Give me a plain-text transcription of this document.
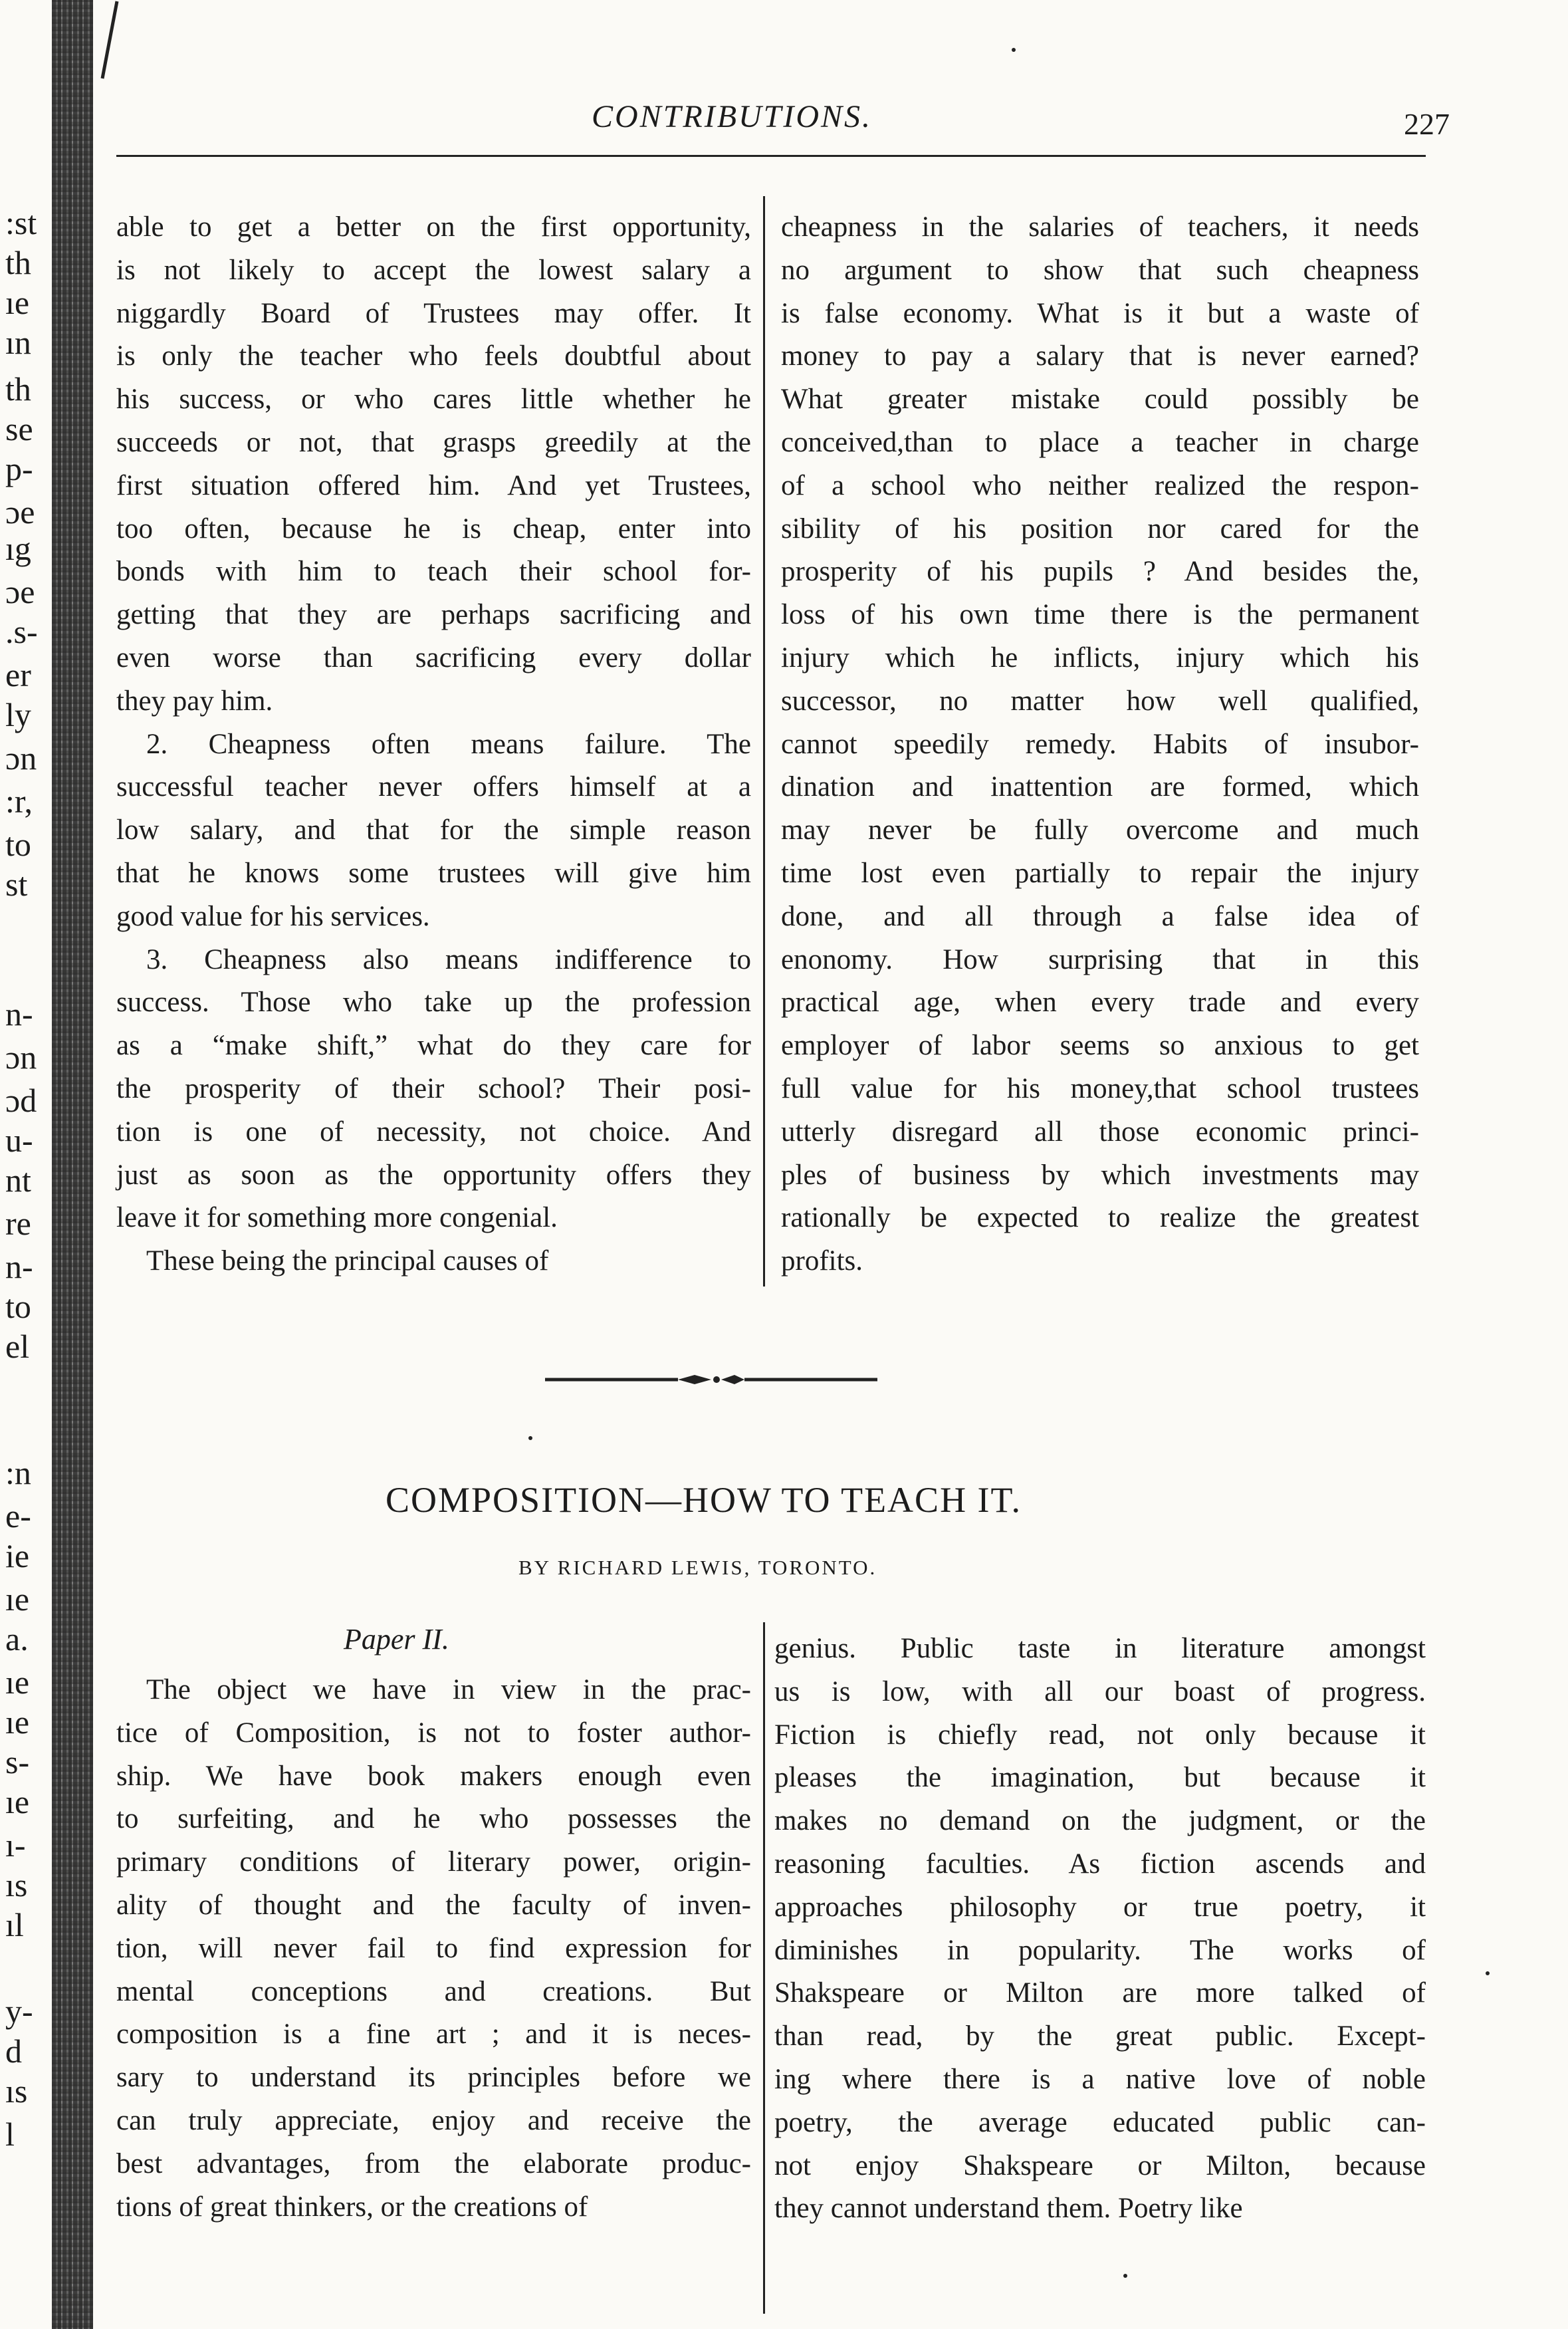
:st
th
ıe
ın
th
se
p-
ɔe
ıg
ɔe
.s-
er
ly
ɔn
:r,
to
st
n-
ɔn
ɔd
u-
nt
re
n-
to
el
:n
e-
ie
ıe
a.
ıe
ıe
s-
ıe
ı-
ıs
ıl
y-
d
ıs
l
CONTRIBUTIONS.	227

able to get a better on the first opportunity,

is not likely to accept the lowest salary a

niggardly Board of Trustees may offer. It

is only the teacher who feels doubtful about

his success, or who cares little whether he

succeeds or not, that grasps greedily at the

first situation offered him. And yet Trustees,

too often, because he is cheap, enter into

bonds with him to teach their school for-

getting that they are perhaps sacrificing and

even worse than sacrificing every dollar

they pay him.

2. Cheapness often means failure. The

successful teacher never offers himself at a

low salary, and that for the simple reason

that he knows some trustees will give him

good value for his services.

3. Cheapness also means indifference to

success. Those who take up the profession

as a “make shift,” what do they care for

the prosperity of their school? Their posi-

tion is one of necessity, not choice. And

just as soon as the opportunity offers they

leave it for something more congenial.

These being the principal causes of

cheapness in the salaries of teachers, it needs

no argument to show that such cheapness

is false economy. What is it but a waste of

money to pay a salary that is never earned?

What greater mistake could possibly be

conceived,than to place a teacher in charge

of a school who neither realized the respon-

sibility of his position nor cared for the

prosperity of his pupils ? And besides the,

loss of his own time there is the permanent

injury which he inflicts, injury which his

successor, no matter how well qualified,

cannot speedily remedy. Habits of insubor-

dination and inattention are formed, which

may never be fully overcome and much

time lost even partially to repair the injury

done, and all through a false idea of

enonomy. How surprising that in this

practical age, when every trade and every

employer of labor seems so anxious to get

full value for his money,that school trustees

utterly disregard all those economic princi-

ples of business by which investments may

rationally be expected to realize the greatest

profits.

COMPOSITION—HOW TO TEACH IT.
BY RICHARD LEWIS, TORONTO.
Paper II.

The object we have in view in the prac-

tice of Composition, is not to foster author-

ship. We have book makers enough even

to surfeiting, and he who possesses the

primary conditions of literary power, origin-

ality of thought and the faculty of inven-

tion, will never fail to find expression for

mental conceptions and creations. But

composition is a fine art ; and it is neces-

sary to understand its principles before we

can truly appreciate, enjoy and receive the

best advantages, from the elaborate produc-

tions of great thinkers, or the creations of

genius. Public taste in literature amongst

us is low, with all our boast of progress.

Fiction is chiefly read, not only because it

pleases the imagination, but because it

makes no demand on the judgment, or the

reasoning faculties. As fiction ascends and

approaches philosophy or true poetry, it

diminishes in popularity. The works of

Shakspeare or Milton are more talked of

than read, by the great public. Except-

ing where there is a native love of noble

poetry, the average educated public can-

not enjoy Shakspeare or Milton, because

they cannot understand them. Poetry like
